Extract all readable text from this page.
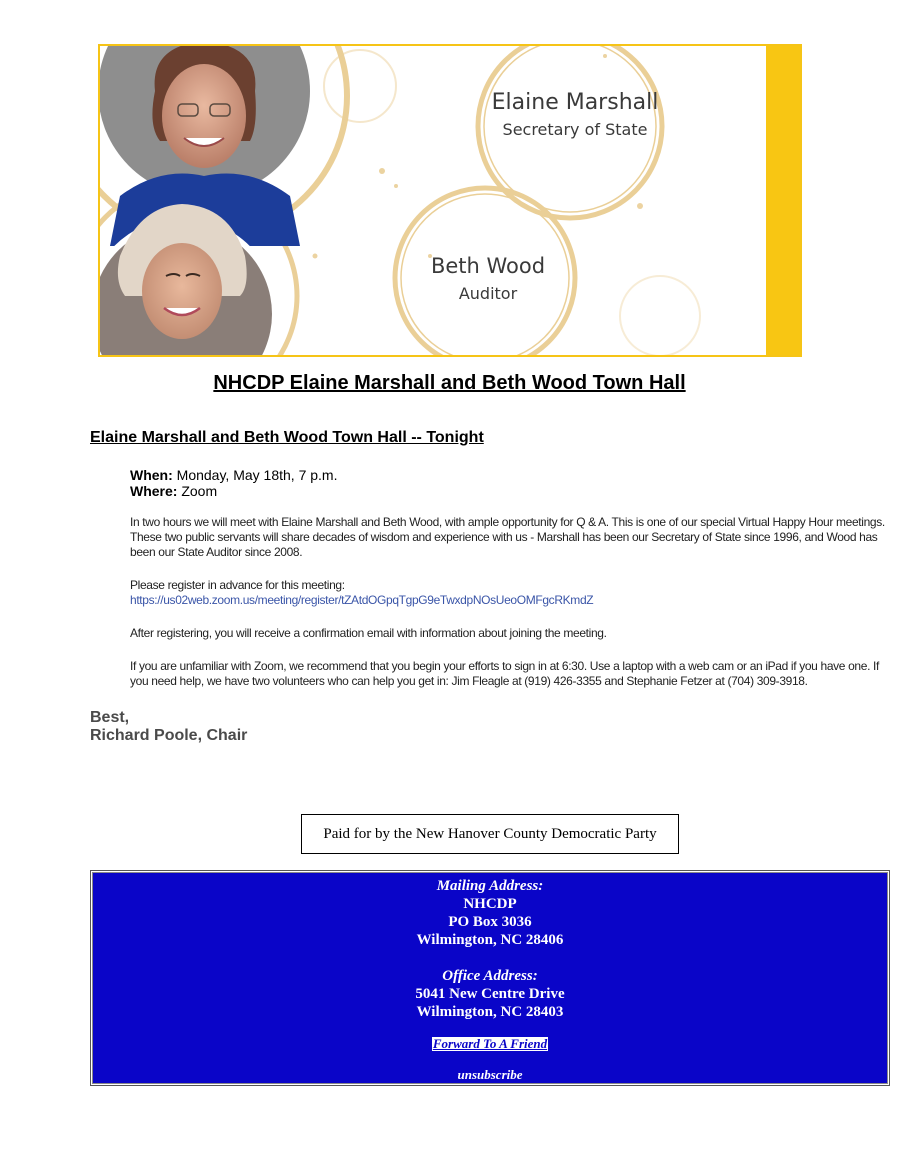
Elaine Marshall
Secretary of State
Beth Wood
Auditor
NHCDP Elaine Marshall and Beth Wood Town Hall
Elaine Marshall and Beth Wood Town Hall -- Tonight
When: Monday, May 18th, 7 p.m.
Where: Zoom
In two hours we will meet with Elaine Marshall and Beth Wood, with ample opportunity for Q & A. This is one of our special Virtual Happy Hour meetings. These two public servants will share decades of wisdom and experience with us - Marshall has been our Secretary of State since 1996, and Wood has been our State Auditor since 2008.
Please register in advance for this meeting:
https://us02web.zoom.us/meeting/register/tZAtdOGpqTgpG9eTwxdpNOsUeoOMFgcRKmdZ
After registering, you will receive a confirmation email with information about joining the meeting.
If you are unfamiliar with Zoom, we recommend that you begin your efforts to sign in at 6:30. Use a laptop with a web cam or an iPad if you have one. If you need help, we have two volunteers who can help you get in: Jim Fleagle at (919) 426-3355 and Stephanie Fetzer at (704) 309-3918.
Best,
Richard Poole, Chair
Paid for by the New Hanover County Democratic Party
Mailing Address:
NHCDP
PO Box 3036
Wilmington, NC 28406
Office Address:
5041 New Centre Drive
Wilmington, NC 28403
Forward To A Friend
unsubscribe
